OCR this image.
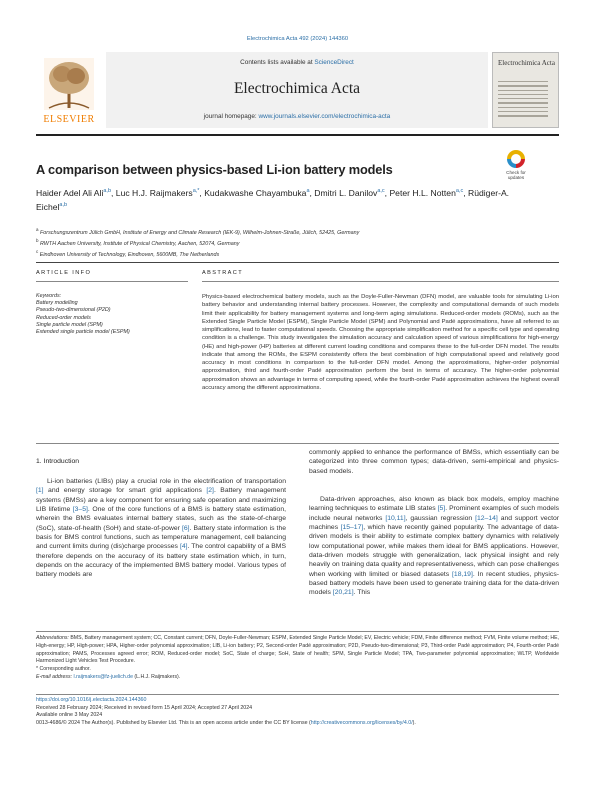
Electrochimica Acta 492 (2024) 144360
ELSEVIER
Contents lists available at ScienceDirect
Electrochimica Acta
journal homepage: www.journals.elsevier.com/electrochimica-acta
Electrochimica Acta
A comparison between physics-based Li-ion battery models	Check for updates
Haider Adel Ali Ali$^{a,b}$, Luc H.J. Raijmakers$^{a,*}$, Kudakwashe Chayambuka$^a$, Dmitri L. Danilov$^{a,c}$, Peter H.L. Notten$^{a,c}$, Rüdiger-A. Eichel$^{a,b}$
$^a$ Forschungszentrum Jülich GmbH, Institute of Energy and Climate Research (IEK-9), Wilhelm-Johnen-Straße, Jülich, 52425, Germany
$^b$ RWTH Aachen University, Institute of Physical Chemistry, Aachen, 52074, Germany
$^c$ Eindhoven University of Technology, Eindhoven, 5600MB, The Netherlands
ARTICLE INFO	ABSTRACT
Keywords:
Battery modelling
Pseudo-two-dimensional (P2D)
Reduced-order models
Single particle model (SPM)
Extended single particle model (ESPM)
Physics-based electrochemical battery models, such as the Doyle-Fuller-Newman (DFN) model, are valuable tools for simulating Li-ion battery behavior and understanding internal battery processes. However, the complexity and computational demands of such models limit their applicability for battery management systems and long-term aging simulations. Reduced-order models (ROMs), such as the Extended Single Particle Model (ESPM), Single Particle Model (SPM) and Polynomial and Padé approximations, have all referred to as simplifications, lead to faster computational speeds. Choosing the appropriate simplification method for a specific cell type and operating condition is a challenge. This study investigates the simulation accuracy and calculation speed of various simplifications for high-energy (HE) and high-power (HP) batteries at different current loading conditions and compares these to the full-order DFN model. The results indicate that among the ROMs, the ESPM consistently offers the best combination of high computational speed and relatively good accuracy in most conditions in comparison to the full-order DFN model. Among the approximations, higher-order polynomial approximation, third and fourth-order Padé approximation perform the best in terms of accuracy. The higher-order polynomial approximation shows an advantage in terms of computing speed, while the fourth-order Padé approximation achieves the highest overall accuracy among the different approximations.
1. Introduction
Li-ion batteries (LIBs) play a crucial role in the electrification of transportation [1] and energy storage for smart grid applications [2]. Battery management systems (BMSs) are a key component for ensuring safe operation and maximizing LIB lifetime [3–5]. One of the core functions of a BMS is battery state estimation, wherein the BMS evaluates internal battery states, such as the state-of-charge (SoC), state-of-health (SoH) and state-of-power [6]. Battery state information is the basis for BMS control functions, such as temperature management, cell balancing and current limits during (dis)charge processes [4]. The control capability of a BMS therefore depends on the accuracy of its battery state estimation which, in turn, depends on the accuracy of the implemented BMS battery model. Various types of battery models are
commonly applied to enhance the performance of BMSs, which essentially can be categorized into three common types; data-driven, semi-empirical and physics-based models.
Data-driven approaches, also known as black box models, employ machine learning techniques to estimate LIB states [5]. Prominent examples of such models include neural networks [10,11], gaussian regression [12–14] and support vector machines [15–17], which have recently gained popularity. The advantage of data-driven models is their ability to estimate complex battery dynamics with relatively low computational power, while makes them ideal for BMS applications. However, data-driven models struggle with generalization, lack physical insight and rely heavily on training data quality and representativeness, which can pose challenges when working with limited or biased datasets [18,19]. In recent studies, physics-based battery models have been used to generate training data for the data-driven models [20,21]. This
Abbreviations: BMS, Battery management system; CC, Constant current; DFN, Doyle-Fuller-Newman; ESPM, Extended Single Particle Model; EV, Electric vehicle; FDM, Finite difference method; FVM, Finite volume method; HE, High-energy; HP, High-power; HPA, Higher-order polynomial approximation; LIB, Li-ion battery; P2, Second-order Padé approximation; P2D, Pseudo-two-dimensional; P3, Third-order Padé approximation; P4, Fourth-order Padé approximation; PAMS, Processes agreed error; ROM, Reduced-order model; SoC, State of charge; SoH, State of health; SPM, Single Particle Model; TPA, Two-parameter polynomial approximation; WLTP, Worldwide Harmonized Light Vehicles Test Procedure.
* Corresponding author.
E-mail address: l.raijmakers@fz-juelich.de (L.H.J. Raijmakers).
https://doi.org/10.1016/j.electacta.2024.144360
Received 28 February 2024; Received in revised form 15 April 2024; Accepted 27 April 2024
Available online 3 May 2024
0013-4686/© 2024 The Author(s). Published by Elsevier Ltd. This is an open access article under the CC BY license (http://creativecommons.org/licenses/by/4.0/).
